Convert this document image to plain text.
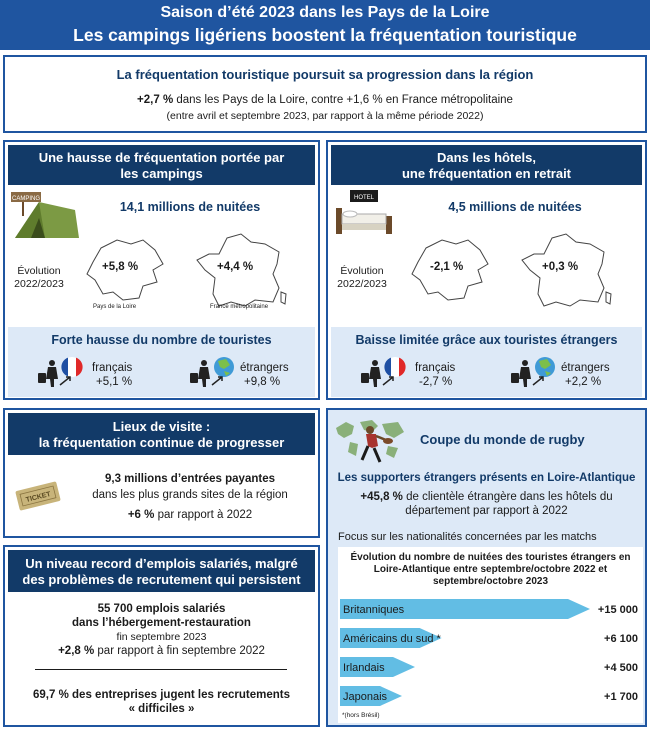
Saison d’été 2023 dans les Pays de la Loire
Les campings ligériens boostent la fréquentation touristique
La fréquentation touristique poursuit sa progression dans la région
+2,7 % dans les Pays de la Loire, contre +1,6 % en France métropolitaine
(entre avril et septembre 2023, par rapport à la même période 2022)
Une hausse de fréquentation portée par
les campings
CAMPING
14,1 millions de nuitées
Évolution
2022/2023
+5,8 %
Pays de la Loire
+4,4 %
France métropolitaine
Forte hausse du nombre de touristes
français
+5,1 %
étrangers
+9,8 %
Dans les hôtels,
une fréquentation en retrait
HOTEL
4,5 millions de nuitées
Évolution
2022/2023
-2,1 %	+0,3 %
Baisse limitée grâce aux touristes étrangers
français
-2,7 %
étrangers
+2,2 %
Lieux de visite :
la fréquentation continue de progresser
TICKET
9,3 millions d’entrées payantes
dans les plus grands sites de la région
+6 % par rapport à 2022
Un niveau record d’emplois salariés, malgré
des problèmes de recrutement qui persistent
55 700 emplois salariés
dans l’hébergement-restauration
fin septembre 2023
+2,8 % par rapport à fin septembre 2022
69,7 % des entreprises jugent les recrutements
« difficiles »
Coupe du monde de rugby
Les supporters étrangers présents en Loire-Atlantique
+45,8 % de clientèle étrangère dans les hôtels du
département par rapport à 2022
Focus sur les nationalités concernées par les matchs
Évolution du nombre de nuitées des touristes étrangers en
Loire-Atlantique entre septembre/octobre 2022 et
septembre/octobre 2023
Britanniques	+15 000
Américains du sud *	+6 100
Irlandais	+4 500
Japonais	+1 700
*(hors Brésil)
